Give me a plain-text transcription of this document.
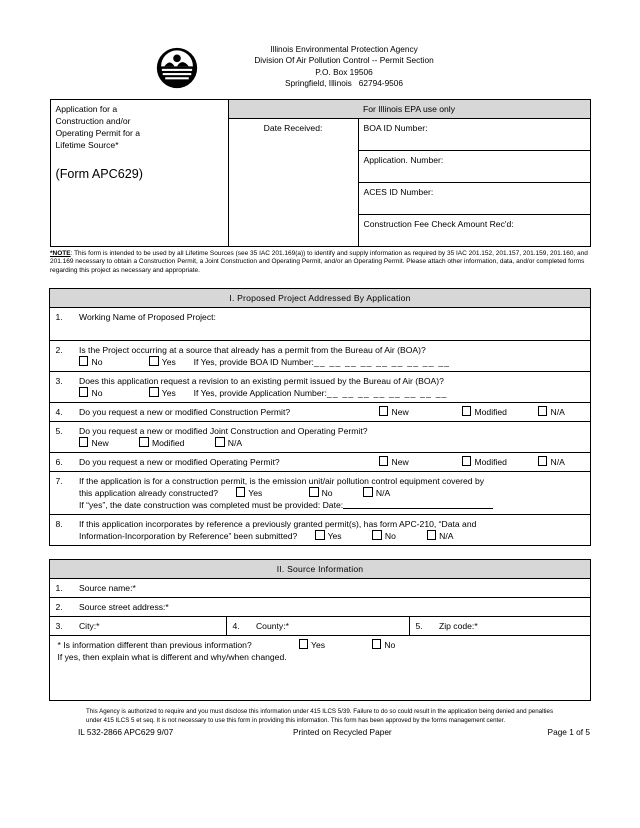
Illinois Environmental Protection Agency
Division Of Air Pollution Control -- Permit Section
P.O. Box 19506
Springfield, Illinois   62794-9506
Application for a
Construction and/or
Operating Permit for a
Lifetime Source*
(Form APC629)	For Illinois EPA use only	
	Date Received:	BOA ID Number:
		Application. Number:
		ACES ID Number:
		Construction Fee Check Amount Rec'd:
*NOTE: This form is intended to be used by all Lifetime Sources (see 35 IAC 201.169(a)) to identify and supply information as required by 35 IAC 201.152, 201.157, 201.159, 201.160, and 201.169 necessary to obtain a Construction Permit, a Joint Construction and Operating Permit, and/or an Operating Permit. Please attach other information, data, and/or completed forms regarding this project as necessary and appropriate.
I. Proposed Project Addressed By Application	
1.	Working Name of Proposed Project:
2.	Is the Project occurring at a source that already has a permit from the Bureau of Air (BOA)?
No Yes If Yes, provide BOA ID Number:__ __ __ __ __ __ __ __ __

3.	Does this application request a revision to an existing permit issued by the Bureau of Air (BOA)?
No Yes If Yes, provide Application Number:__ __ __ __ __ __ __ __

4.	Do you request a new or modified Construction Permit? New Modified N/A

5.	Do you request a new or modified Joint Construction and Operating Permit?
New Modified N/A

6.	Do you request a new or modified Operating Permit? New Modified N/A

7.	If the application is for a construction permit, is the emission unit/air pollution control equipment covered by
this application already constructed? Yes No N/A
If “yes”, the date construction was completed must be provided: Date:

8.	If this application incorporates by reference a previously granted permit(s), has form APC-210, “Data and
Information-Incorporation by Reference” been submitted? Yes No N/A
II. Source Information					
1.	Source name:*				
2.	Source street address:*				
3.	City:*	4.	County:*	5.	Zip code:*

* Is information different than previous information? Yes No
If yes, then explain what is different and why/when changed.					
This Agency is authorized to require and you must disclose this information under 415 ILCS 5/39. Failure to do so could result in the application being denied and penalties under 415 ILCS 5 et seq. It is not necessary to use this form in providing this information. This form has been approved by the forms management center.
IL 532-2866 APC629 9/07	Printed on Recycled Paper	Page 1 of 5
